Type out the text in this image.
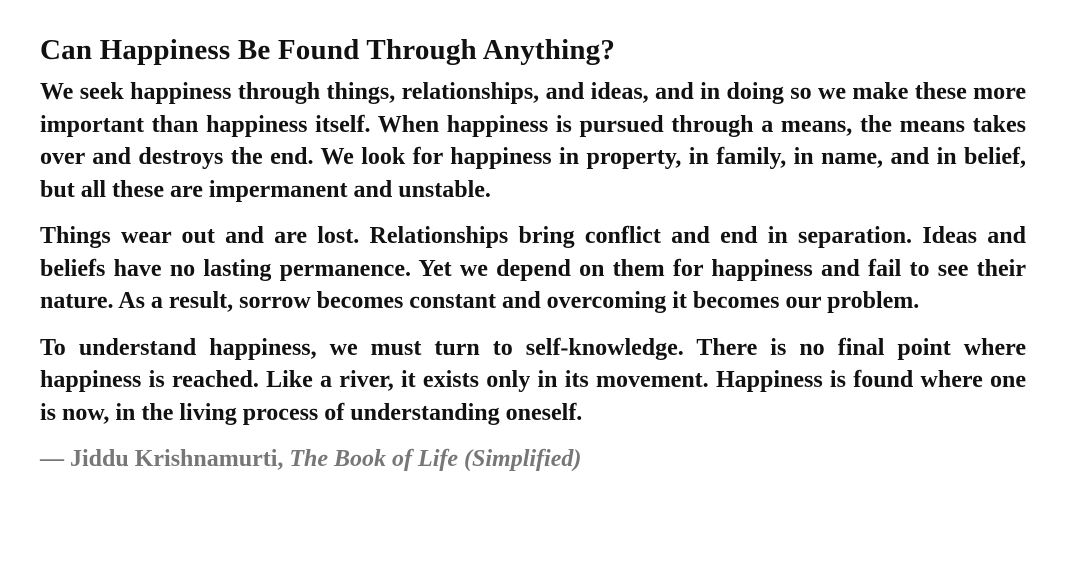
Can Happiness Be Found Through Anything?

We seek happiness through things, relationships, and ideas, and in doing so we make these more important than happiness itself. When happiness is pursued through a means, the means takes over and destroys the end. We look for happiness in property, in family, in name, and in belief, but all these are impermanent and unstable.

Things wear out and are lost. Relationships bring conflict and end in separation. Ideas and beliefs have no lasting permanence. Yet we depend on them for happiness and fail to see their nature. As a result, sorrow becomes constant and overcoming it becomes our problem.

To understand happiness, we must turn to self-knowledge. There is no final point where happiness is reached. Like a river, it exists only in its movement. Happiness is found where one is now, in the living process of understanding oneself.

— Jiddu Krishnamurti, The Book of Life (Simplified)
